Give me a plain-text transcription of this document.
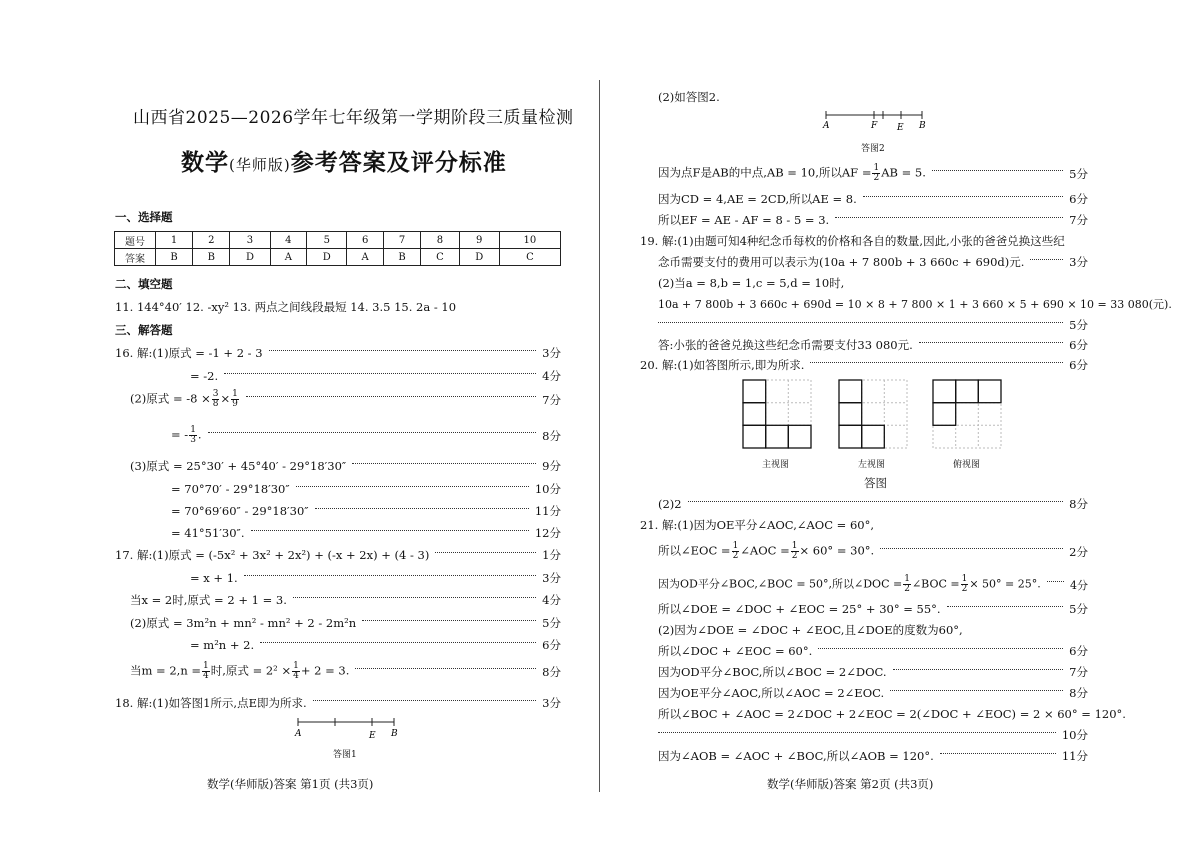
山西省2025—2026学年七年级第一学期阶段三质量检测
数学(华师版)参考答案及评分标准
一、选择题
题号	1	2	3	4	5	6	7	8	9	10
答案	B	B	D	A	D	A	B	C	D	C
二、填空题
11. 144°40′ 12. -xy² 13. 两点之间线段最短 14. 3.5 15. 2a - 10
三、解答题
16. 解:(1)原式 = -1 + 2 - 3	3分
= -2.	4分
(2)原式 = $-8 \times \frac{3}{8} \times \frac{1}{9}$	7分
= - $\frac{1}{3}$ .	8分
(3)原式 = 25°30′ + 45°40′ - 29°18′30″	9分
= 70°70′ - 29°18′30″	10分
= 70°69′60″ - 29°18′30″	11分
= 41°51′30″.	12分
17. 解:(1)原式 = (-5x² + 3x² + 2x²) + (-x + 2x) + (4 - 3)	1分
= x + 1.	3分
当x = 2时,原式 = 2 + 1 = 3.	4分
(2)原式 = 3m²n + mn² - mn² + 2 - 2m²n	5分
= m²n + 2.	6分
当$m = 2,n = \frac{1}{4}$ 时,原式 = $2^2 \times \frac{1}{4} + 2 = 3$.	8分
18. 解:(1)如答图1所示,点E即为所求.	3分
A	E B
答图1
数学(华师版)答案 第1页 (共3页)
(2)如答图2.
A	F E B
答图2
因为点F是AB的中点,AB = 10,所以AF = $\frac{1}{2}$ AB = 5.	5分
因为CD = 4,AE = 2CD,所以AE = 8.	6分
所以EF = AE - AF = 8 - 5 = 3.	7分
19. 解:(1)由题可知4种纪念币每枚的价格和各自的数量,因此,小张的爸爸兑换这些纪
念币需要支付的费用可以表示为(10a + 7 800b + 3 660c + 690d)元.	3分
(2)当a = 8,b = 1,c = 5,d = 10时,
10a + 7 800b + 3 660c + 690d = 10 × 8 + 7 800 × 1 + 3 660 × 5 + 690 × 10 = 33 080(元).
5分
答:小张的爸爸兑换这些纪念币需要支付33 080元.	6分
20. 解:(1)如答图所示,即为所求.	6分
主视图	左视图	俯视图
答图
(2)2	8分
21. 解:(1)因为OE平分∠AOC,∠AOC = 60°,
所以∠EOC = $\frac{1}{2}$ ∠AOC = $\frac{1}{2} \times 60^\circ = 30^\circ$.	2分
因为OD平分∠BOC,∠BOC = 50°,所以∠DOC = $\frac{1}{2}$ ∠BOC = $\frac{1}{2} \times 50^\circ = 25^\circ$.	4分
所以∠DOE = ∠DOC + ∠EOC = 25° + 30° = 55°.	5分
(2)因为∠DOE = ∠DOC + ∠EOC,且∠DOE的度数为60°,
所以∠DOC + ∠EOC = 60°.	6分
因为OD平分∠BOC,所以∠BOC = 2∠DOC.	7分
因为OE平分∠AOC,所以∠AOC = 2∠EOC.	8分
所以∠BOC + ∠AOC = 2∠DOC + 2∠EOC = 2(∠DOC + ∠EOC) = 2 × 60° = 120°.
10分
因为∠AOB = ∠AOC + ∠BOC,所以∠AOB = 120°.	11分
数学(华师版)答案 第2页 (共3页)
